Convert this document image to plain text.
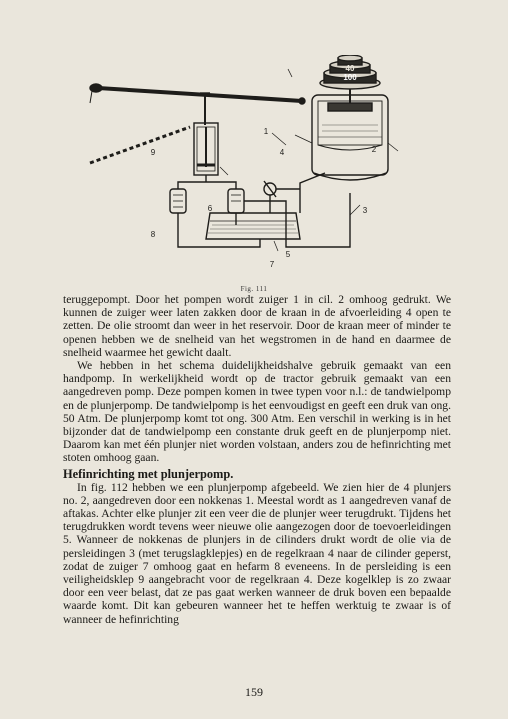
100
40
1
2
3
4
5
6
7
8
9
Fig. 111

teruggepompt. Door het pompen wordt zuiger 1 in cil. 2 omhoog gedrukt. We kunnen de zuiger weer laten zakken door de kraan in de afvoerleiding 4 open te zetten. De olie stroomt dan weer in het reservoir. Door de kraan meer of minder te openen hebben we de snelheid van het wegstromen in de hand en daarmee de snelheid waarmee het gewicht daalt.

We hebben in het schema duidelijkheidshalve gebruik gemaakt van een handpomp. In werkelijkheid wordt op de tractor gebruik gemaakt van een aangedreven pomp. Deze pompen komen in twee typen voor n.l.: de tandwielpomp en de plunjerpomp. De tandwielpomp is het eenvoudigst en geeft een druk van ong. 50 Atm. De plunjerpomp komt tot ong. 300 Atm. Een verschil in werking is in het bijzonder dat de tandwielpomp een constante druk geeft en de plunjerpomp niet. Daarom kan met één plunjer niet worden volstaan, anders zou de hefinrichting met stoten omhoog gaan.

Hefinrichting met plunjerpomp.

In fig. 112 hebben we een plunjerpomp afgebeeld. We zien hier de 4 plunjers no. 2, aangedreven door een nokkenas 1. Meestal wordt as 1 aangedreven vanaf de aftakas. Achter elke plunjer zit een veer die de plunjer weer terugdrukt. Tijdens het terugdrukken wordt tevens weer nieuwe olie aangezogen door de toevoerleidingen 5. Wanneer de nokkenas de plunjers in de cilinders drukt wordt de olie via de persleidingen 3 (met terugslagklepjes) en de regelkraan 4 naar de cilinder geperst, zodat de zuiger 7 omhoog gaat en hefarm 8 eveneens. In de persleiding is een veiligheidsklep 9 aangebracht voor de regelkraan 4. Deze kogelklep is zo zwaar door een veer belast, dat ze pas gaat werken wanneer de druk boven een bepaalde waarde komt. Dit kan gebeuren wanneer het te heffen werktuig te zwaar is of wanneer de hefinrichting

159
